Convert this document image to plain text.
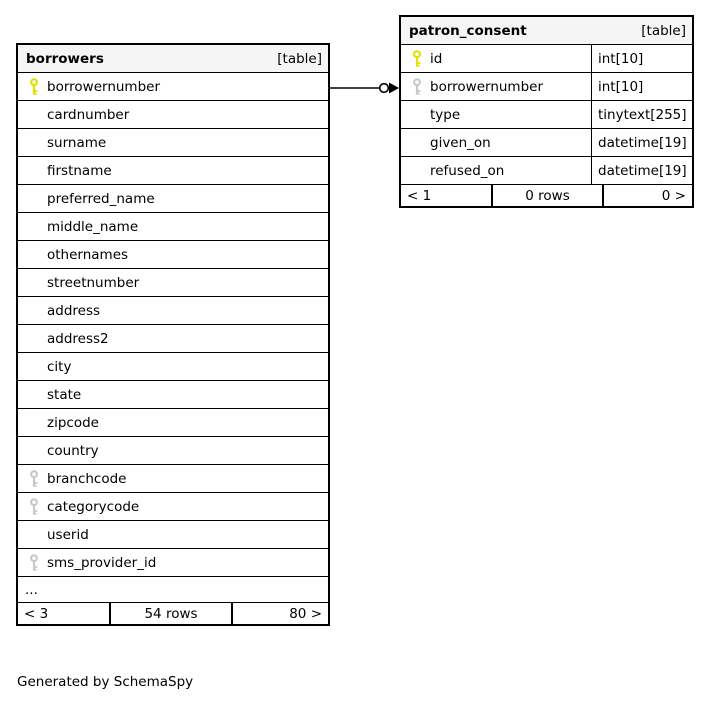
borrowers	[table]
borrowernumber
cardnumber
surname
firstname
preferred_name
middle_name
othernames
streetnumber
address
address2
city
state
zipcode
country
branchcode
categorycode
userid
sms_provider_id
...
< 3	54 rows	80 >
patron_consent	[table]
id	int[10]
borrowernumber	int[10]
type	tinytext[255]
given_on	datetime[19]
refused_on	datetime[19]
< 1	0 rows	0 >
Generated by SchemaSpy
